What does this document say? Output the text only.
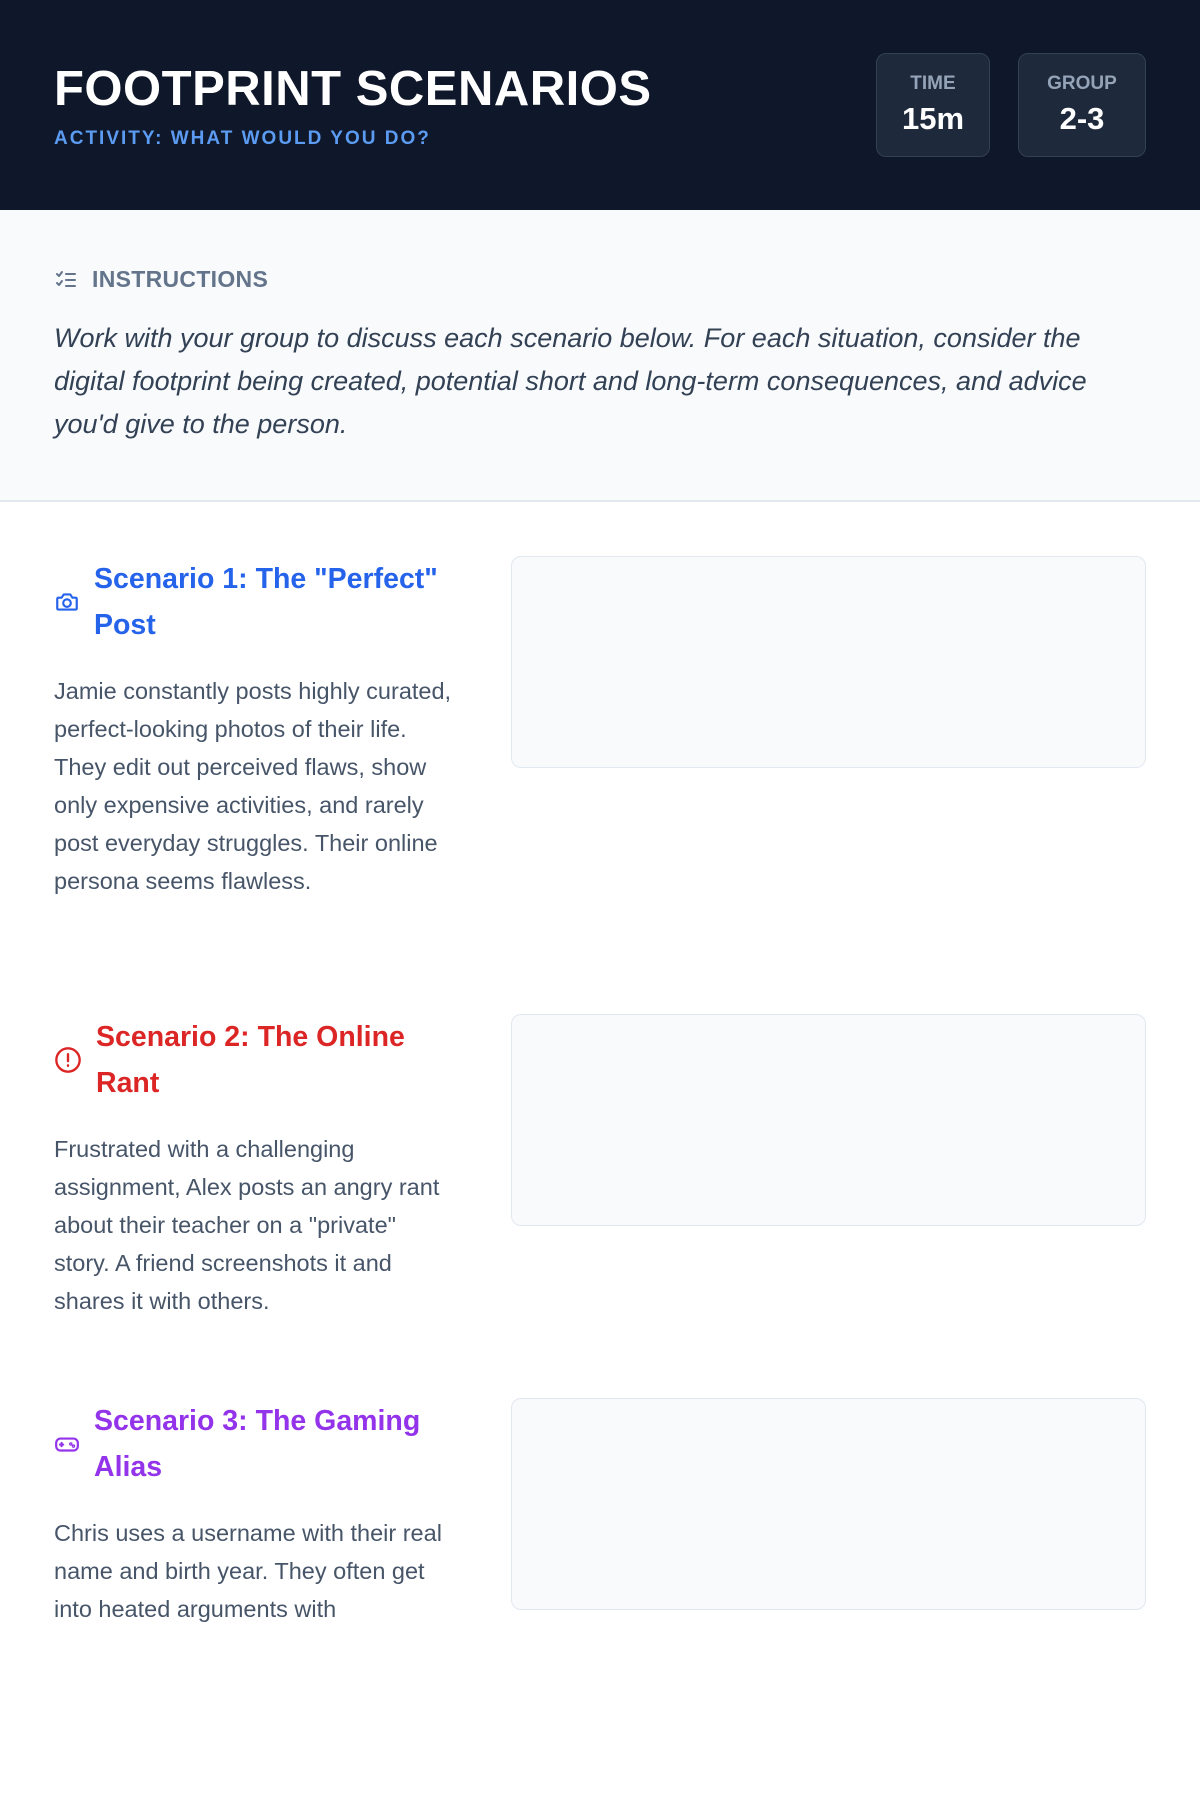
FOOTPRINT SCENARIOS
ACTIVITY: WHAT WOULD YOU DO?
TIME
15m
GROUP
2-3
INSTRUCTIONS
Work with your group to discuss each scenario below. For each situation, consider the digital footprint being created, potential short and long-term consequences, and advice you'd give to the person.
Scenario 1: The "Perfect" Post
Jamie constantly posts highly curated, perfect-looking photos of their life. They edit out perceived flaws, show only expensive activities, and rarely post everyday struggles. Their online persona seems flawless.
Scenario 2: The Online Rant
Frustrated with a challenging assignment, Alex posts an angry rant about their teacher on a "private" story. A friend screenshots it and shares it with others.
Scenario 3: The Gaming Alias
Chris uses a username with their real name and birth year. They often get into heated arguments with
